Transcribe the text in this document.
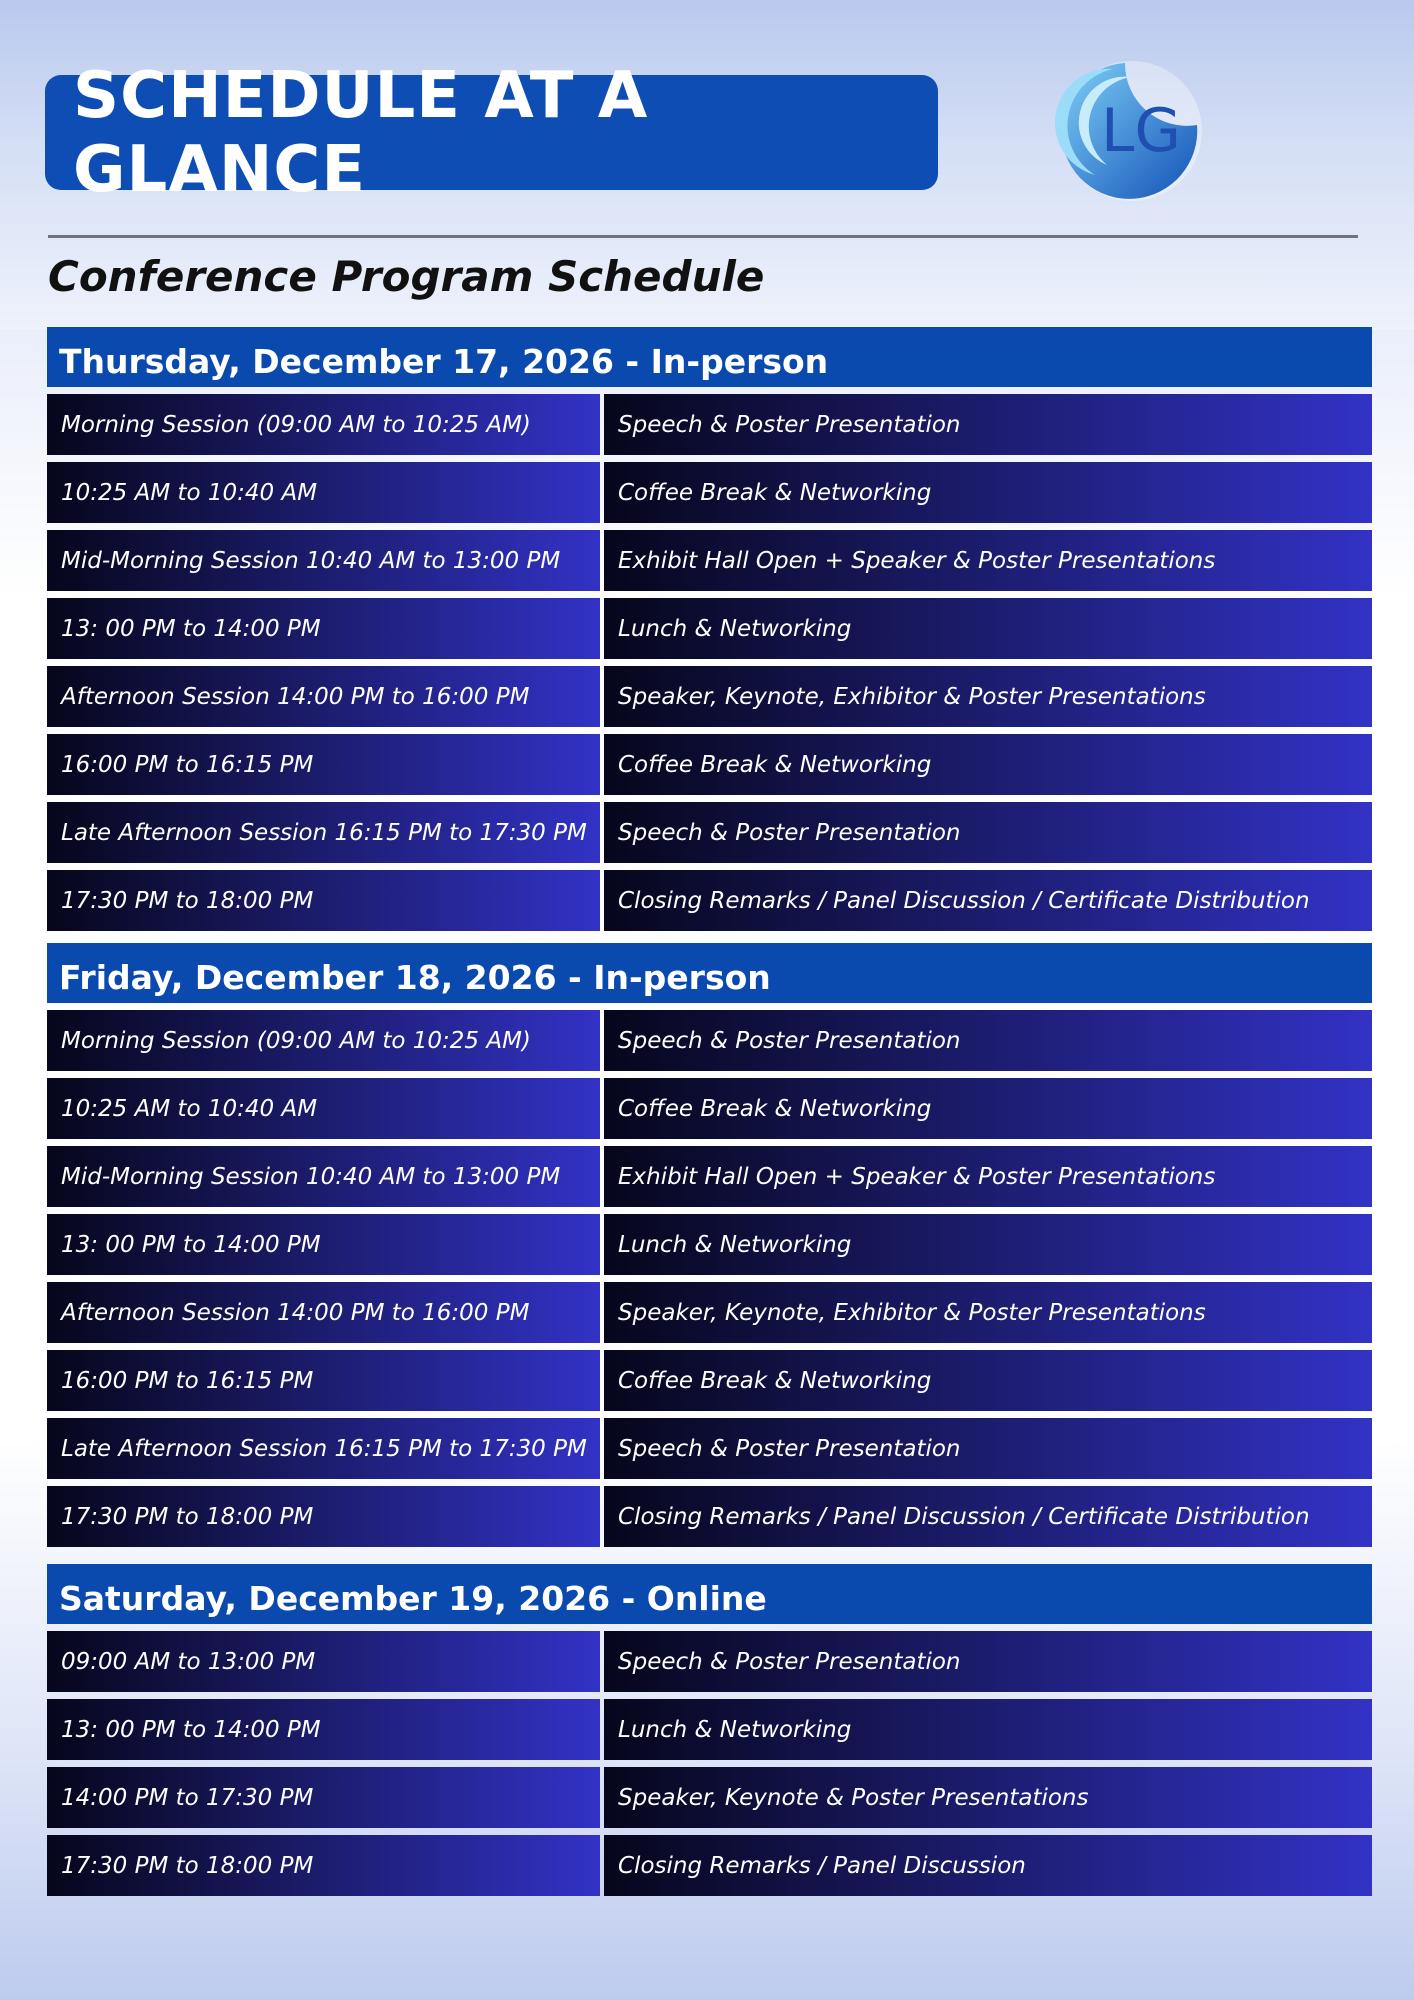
SCHEDULE AT A GLANCE
LG
Conference Program Schedule
Thursday, December 17, 2026 - In-person
Morning Session (09:00 AM to 10:25 AM)	Speech & Poster Presentation
10:25 AM to 10:40 AM	Coffee Break & Networking
Mid-Morning Session 10:40 AM to 13:00 PM	Exhibit Hall Open + Speaker & Poster Presentations
13: 00 PM to 14:00 PM	Lunch & Networking
Afternoon Session 14:00 PM to 16:00 PM	Speaker, Keynote, Exhibitor & Poster Presentations
16:00 PM to 16:15 PM	Coffee Break & Networking
Late Afternoon Session 16:15 PM to 17:30 PM	Speech & Poster Presentation
17:30 PM to 18:00 PM	Closing Remarks / Panel Discussion / Certificate Distribution
Friday, December 18, 2026 - In-person
Morning Session (09:00 AM to 10:25 AM)	Speech & Poster Presentation
10:25 AM to 10:40 AM	Coffee Break & Networking
Mid-Morning Session 10:40 AM to 13:00 PM	Exhibit Hall Open + Speaker & Poster Presentations
13: 00 PM to 14:00 PM	Lunch & Networking
Afternoon Session 14:00 PM to 16:00 PM	Speaker, Keynote, Exhibitor & Poster Presentations
16:00 PM to 16:15 PM	Coffee Break & Networking
Late Afternoon Session 16:15 PM to 17:30 PM	Speech & Poster Presentation
17:30 PM to 18:00 PM	Closing Remarks / Panel Discussion / Certificate Distribution
Saturday, December 19, 2026 - Online
09:00 AM to 13:00 PM	Speech & Poster Presentation
13: 00 PM to 14:00 PM	Lunch & Networking
14:00 PM to 17:30 PM	Speaker, Keynote & Poster Presentations
17:30 PM to 18:00 PM	Closing Remarks / Panel Discussion
